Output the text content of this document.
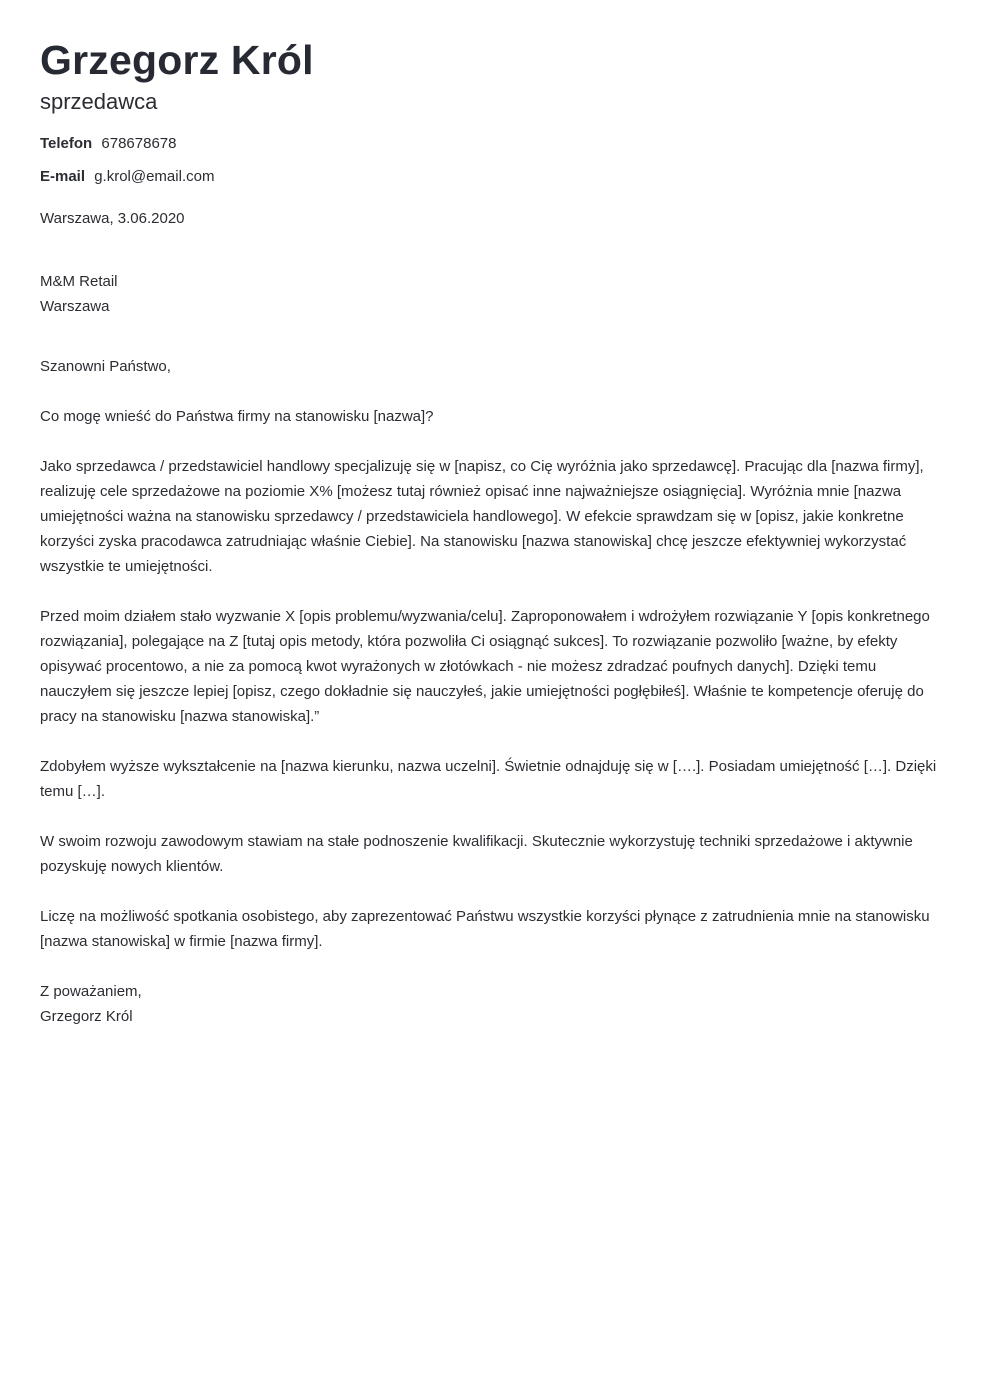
Grzegorz Król
sprzedawca
Telefon 678678678
E-mail g.krol@email.com
Warszawa, 3.06.2020
M&M Retail
Warszawa

Szanowni Państwo,

Co mogę wnieść do Państwa firmy na stanowisku [nazwa]?

Jako sprzedawca / przedstawiciel handlowy specjalizuję się w [napisz, co Cię wyróżnia jako sprzedawcę]. Pracując dla [nazwa firmy], realizuję cele sprzedażowe na poziomie X% [możesz tutaj również opisać inne najważniejsze osiągnięcia]. Wyróżnia mnie [nazwa umiejętności ważna na stanowisku sprzedawcy / przedstawiciela handlowego]. W efekcie sprawdzam się w [opisz, jakie konkretne korzyści zyska pracodawca zatrudniając właśnie Ciebie]. Na stanowisku [nazwa stanowiska] chcę jeszcze efektywniej wykorzystać wszystkie te umiejętności.

Przed moim działem stało wyzwanie X [opis problemu/wyzwania/celu]. Zaproponowałem i wdrożyłem rozwiązanie Y [opis konkretnego rozwiązania], polegające na Z [tutaj opis metody, która pozwoliła Ci osiągnąć sukces]. To rozwiązanie pozwoliło [ważne, by efekty opisywać procentowo, a nie za pomocą kwot wyrażonych w złotówkach - nie możesz zdradzać poufnych danych]. Dzięki temu nauczyłem się jeszcze lepiej [opisz, czego dokładnie się nauczyłeś, jakie umiejętności pogłębiłeś]. Właśnie te kompetencje oferuję do pracy na stanowisku [nazwa stanowiska].”

Zdobyłem wyższe wykształcenie na [nazwa kierunku, nazwa uczelni]. Świetnie odnajduję się w [….]. Posiadam umiejętność […]. Dzięki temu […].

W swoim rozwoju zawodowym stawiam na stałe podnoszenie kwalifikacji. Skutecznie wykorzystuję techniki sprzedażowe i aktywnie pozyskuję nowych klientów.

Liczę na możliwość spotkania osobistego, aby zaprezentować Państwu wszystkie korzyści płynące z zatrudnienia mnie na stanowisku [nazwa stanowiska] w firmie [nazwa firmy].

Z poważaniem,
Grzegorz Król
